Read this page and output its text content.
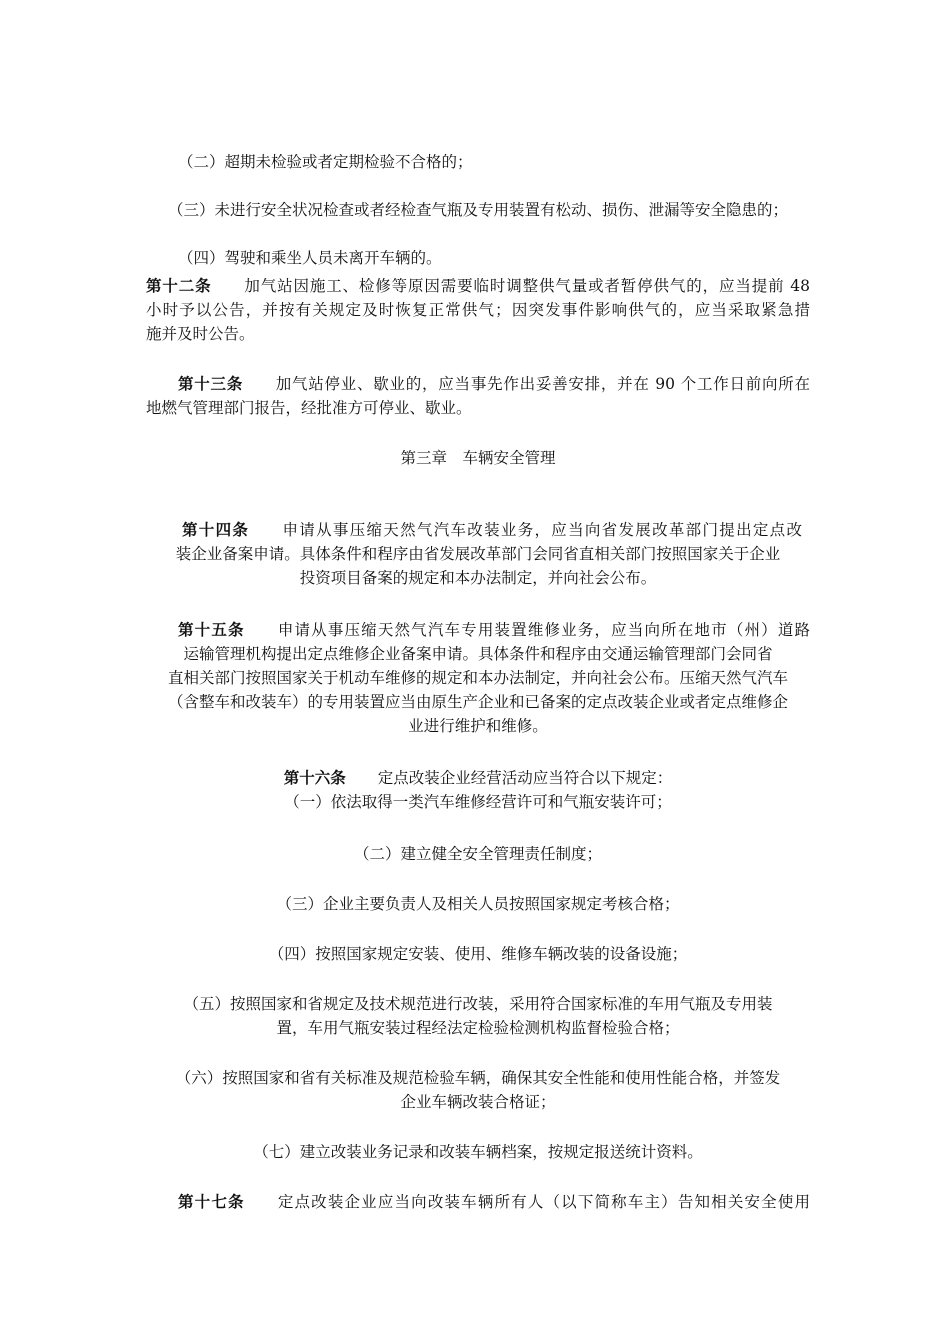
（二）超期未检验或者定期检验不合格的；
（三）未进行安全状况检查或者经检查气瓶及专用装置有松动、损伤、泄漏等安全隐患的；
（四）驾驶和乘坐人员未离开车辆的。
第十二条 加气站因施工、检修等原因需要临时调整供气量或者暂停供气的，应当提前 48
小时予以公告，并按有关规定及时恢复正常供气；因突发事件影响供气的，应当采取紧急措
施并及时公告。
第十三条 加气站停业、歇业的，应当事先作出妥善安排，并在 90 个工作日前向所在
地燃气管理部门报告，经批准方可停业、歇业。
第三章　车辆安全管理
第十四条 申请从事压缩天然气汽车改装业务，应当向省发展改革部门提出定点改
装企业备案申请。具体条件和程序由省发展改革部门会同省直相关部门按照国家关于企业
投资项目备案的规定和本办法制定，并向社会公布。
第十五条 申请从事压缩天然气汽车专用装置维修业务，应当向所在地市（州）道路
运输管理机构提出定点维修企业备案申请。具体条件和程序由交通运输管理部门会同省
直相关部门按照国家关于机动车维修的规定和本办法制定，并向社会公布。压缩天然气汽车
（含整车和改装车）的专用装置应当由原生产企业和已备案的定点改装企业或者定点维修企
业进行维护和维修。
第十六条 定点改装企业经营活动应当符合以下规定：
（一）依法取得一类汽车维修经营许可和气瓶安装许可；
（二）建立健全安全管理责任制度；
（三）企业主要负责人及相关人员按照国家规定考核合格；
（四）按照国家规定安装、使用、维修车辆改装的设备设施；
（五）按照国家和省规定及技术规范进行改装，采用符合国家标准的车用气瓶及专用装
置，车用气瓶安装过程经法定检验检测机构监督检验合格；
（六）按照国家和省有关标准及规范检验车辆，确保其安全性能和使用性能合格，并签发
企业车辆改装合格证；
（七）建立改装业务记录和改装车辆档案，按规定报送统计资料。
第十七条 定点改装企业应当向改装车辆所有人（以下简称车主）告知相关安全使用
